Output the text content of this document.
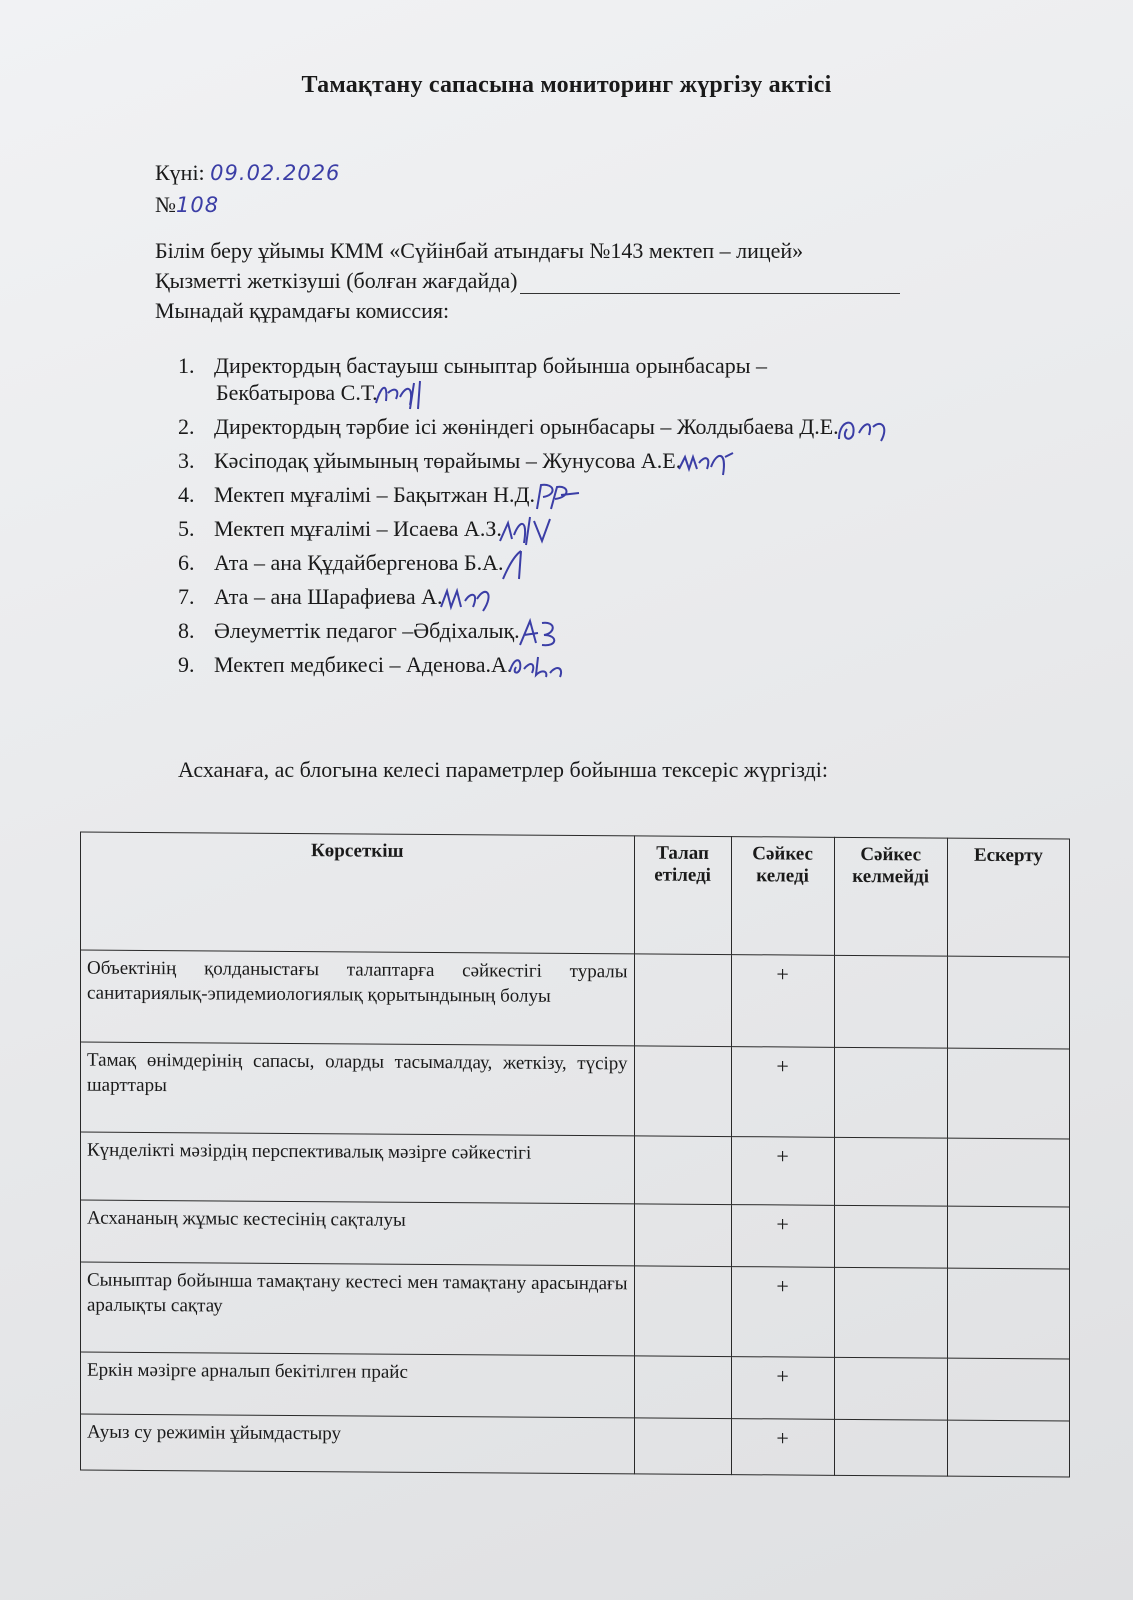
Тамақтану сапасына мониторинг жүргізу актісі
Күні: 09.02.2026
№108
Білім беру ұйымы КММ «Сүйінбай атындағы №143 мектеп – лицей»
Қызметті жеткізуші (болған жағдайда)
Мынадай құрамдағы комиссия:
1. Директордың бастауыш сыныптар бойынша орынбасары –
Бекбатырова С.Т.
2. Директордың тәрбие ісі жөніндегі орынбасары – Жолдыбаева Д.Е.
3. Кәсіподақ ұйымының төрайымы – Жунусова А.Е.
4. Мектеп мұғалімі – Бақытжан Н.Д.
5. Мектеп мұғалімі – Исаева А.З.
6. Ата – ана Құдайбергенова Б.А.
7. Ата – ана Шарафиева А.
8. Әлеуметтік педагог –Әбдіхалық.
9. Мектеп медбикесі – Аденова.А.
Асханаға, ас блогына келесі параметрлер бойынша тексеріс жүргізді:
Көрсеткіш	Талап етіледі	Сәйкес келеді	Сәйкес келмейді	Ескерту
Объектінің қолданыстағы талаптарға сәйкестігі туралы санитариялық-эпидемиологиялық қорытындының болуы		+		
Тамақ өнімдерінің сапасы, оларды тасымалдау, жеткізу, түсіру шарттары		+		
Күнделікті мәзірдің перспективалық мәзірге сәйкестігі		+		
Асхананың жұмыс кестесінің сақталуы		+		
Сыныптар бойынша тамақтану кестесі мен тамақтану арасындағы аралықты сақтау		+		
Еркін мәзірге арналып бекітілген прайс		+		
Ауыз су режимін ұйымдастыру		+		
